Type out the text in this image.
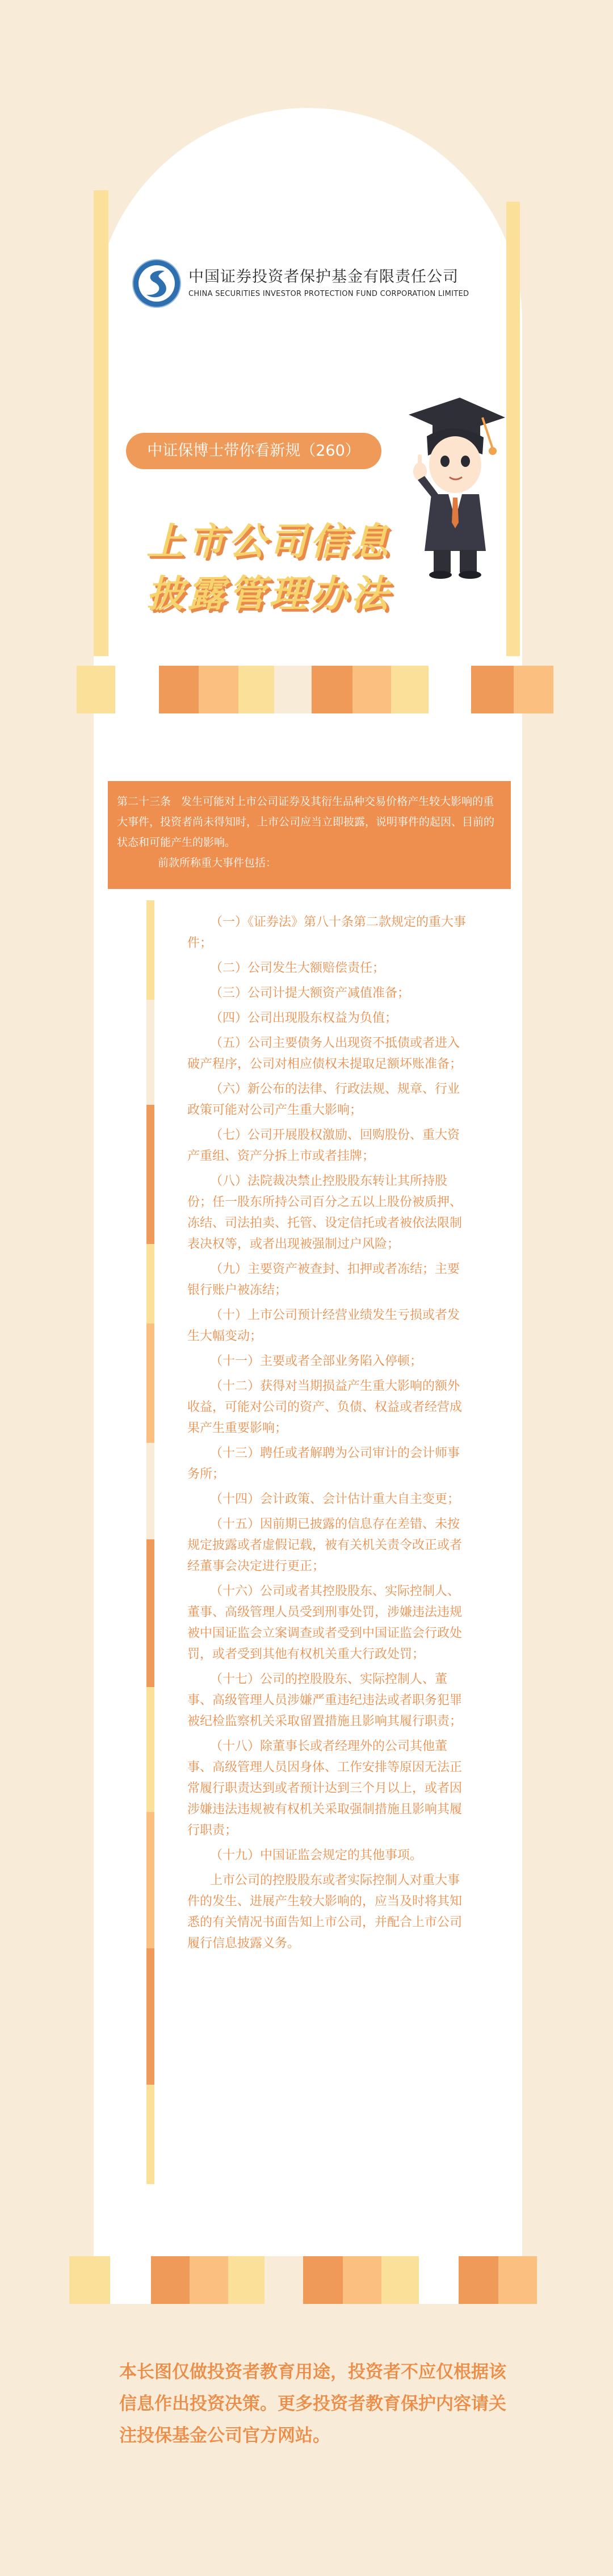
中国证券投资者保护基金有限责任公司
CHINA SECURITIES INVESTOR PROTECTION FUND CORPORATION LIMITED
中证保博士带你看新规（260）
上市公司信息
披露管理办法

第二十三条 发生可能对上市公司证券及其衍生品种交易价格产生较大影响的重大事件，投资者尚未得知时，上市公司应当立即披露，说明事件的起因、目前的状态和可能产生的影响。

前款所称重大事件包括：

（一）《证券法》第八十条第二款规定的重大事件；

（二）公司发生大额赔偿责任；

（三）公司计提大额资产减值准备；

（四）公司出现股东权益为负值；

（五）公司主要债务人出现资不抵债或者进入破产程序，公司对相应债权未提取足额坏账准备；

（六）新公布的法律、行政法规、规章、行业政策可能对公司产生重大影响；

（七）公司开展股权激励、回购股份、重大资产重组、资产分拆上市或者挂牌；

（八）法院裁决禁止控股股东转让其所持股份；任一股东所持公司百分之五以上股份被质押、冻结、司法拍卖、托管、设定信托或者被依法限制表决权等，或者出现被强制过户风险；

（九）主要资产被查封、扣押或者冻结；主要银行账户被冻结；

（十）上市公司预计经营业绩发生亏损或者发生大幅变动；

（十一）主要或者全部业务陷入停顿；

（十二）获得对当期损益产生重大影响的额外收益，可能对公司的资产、负债、权益或者经营成果产生重要影响；

（十三）聘任或者解聘为公司审计的会计师事务所；

（十四）会计政策、会计估计重大自主变更；

（十五）因前期已披露的信息存在差错、未按规定披露或者虚假记载，被有关机关责令改正或者经董事会决定进行更正；

（十六）公司或者其控股股东、实际控制人、董事、高级管理人员受到刑事处罚，涉嫌违法违规被中国证监会立案调查或者受到中国证监会行政处罚，或者受到其他有权机关重大行政处罚；

（十七）公司的控股股东、实际控制人、董事、高级管理人员涉嫌严重违纪违法或者职务犯罪被纪检监察机关采取留置措施且影响其履行职责；

（十八）除董事长或者经理外的公司其他董事、高级管理人员因身体、工作安排等原因无法正常履行职责达到或者预计达到三个月以上，或者因涉嫌违法违规被有权机关采取强制措施且影响其履行职责；

（十九）中国证监会规定的其他事项。

上市公司的控股股东或者实际控制人对重大事件的发生、进展产生较大影响的，应当及时将其知悉的有关情况书面告知上市公司，并配合上市公司履行信息披露义务。

本长图仅做投资者教育用途，投资者不应仅根据该信息作出投资决策。更多投资者教育保护内容请关注投保基金公司官方网站。
